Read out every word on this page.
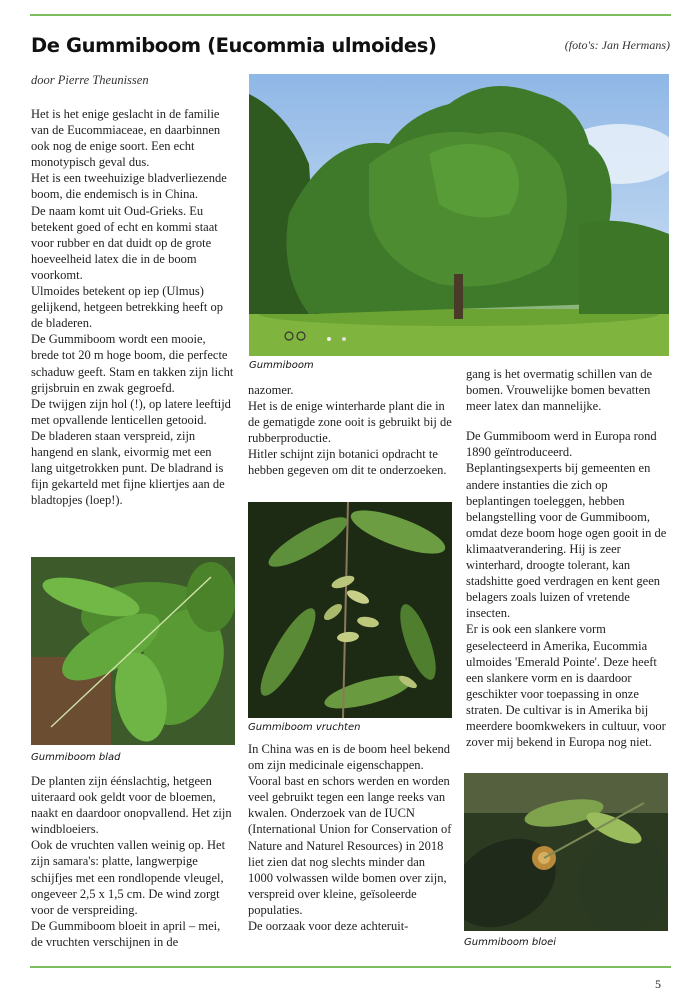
De Gummiboom (Eucommia ulmoides)	(foto's: Jan Hermans)
door Pierre Theunissen

Het is het enige geslacht in de familie van de Eucommiaceae, en daarbinnen ook nog de enige soort. Een echt monotypisch geval dus.

Het is een tweehuizige bladverliezende boom, die endemisch is in China.

De naam komt uit Oud-Grieks. Eu betekent goed of echt en kommi staat voor rubber en dat duidt op de grote hoeveelheid latex die in de boom voorkomt.

Ulmoides betekent op iep (Ulmus) gelijkend, hetgeen betrekking heeft op de bladeren.

De Gummiboom wordt een mooie, brede tot 20 m hoge boom, die perfecte schaduw geeft. Stam en takken zijn licht grijsbruin en zwak gegroefd.

De twijgen zijn hol (!), op latere leeftijd met opvallende lenticellen getooid.

De bladeren staan verspreid, zijn hangend en slank, eivormig met een lang uitgetrokken punt. De bladrand is fijn gekarteld met fijne kliertjes aan de bladtopjes (loep!).

Gummiboom

nazomer.

Het is de enige winterharde plant die in de gematigde zone ooit is gebruikt bij de rubberproductie.

Hitler schijnt zijn botanici opdracht te hebben gegeven om dit te onderzoeken.

gang is het overmatig schillen van de bomen. Vrouwelijke bomen bevatten meer latex dan mannelijke.

De Gummiboom werd in Europa rond 1890 geïntroduceerd. Beplantingsexperts bij gemeenten en andere instanties die zich op beplantingen toeleggen, hebben belangstelling voor de Gummiboom, omdat deze boom hoge ogen gooit in de klimaatverandering. Hij is zeer winterhard, droogte tolerant, kan stadshitte goed verdragen en kent geen belagers zoals luizen of vretende insecten.

Er is ook een slankere vorm geselecteerd in Amerika, Eucommia ulmoides 'Emerald Pointe'. Deze heeft een slankere vorm en is daardoor geschikter voor toepassing in onze straten. De cultivar is in Amerika bij meerdere boomkwekers in cultuur, voor zover mij bekend in Europa nog niet.

Gummiboom blad
Gummiboom vruchten

De planten zijn éénslachtig, hetgeen uiteraard ook geldt voor de bloemen, naakt en daardoor onopvallend. Het zijn windbloeiers.

Ook de vruchten vallen weinig op. Het zijn samara's: platte, langwerpige schijfjes met een rondlopende vleugel, ongeveer 2,5 x 1,5 cm. De wind zorgt voor de verspreiding.

De Gummiboom bloeit in april – mei, de vruchten verschijnen in de

In China was en is de boom heel bekend om zijn medicinale eigenschappen. Vooral bast en schors werden en worden veel gebruikt tegen een lange reeks van kwalen. Onderzoek van de IUCN (International Union for Conservation of Nature and Naturel Resources) in 2018 liet zien dat nog slechts minder dan 1000 volwassen wilde bomen over zijn, verspreid over kleine, geïsoleerde populaties.

De oorzaak voor deze achteruit-

Gummiboom bloei
5
